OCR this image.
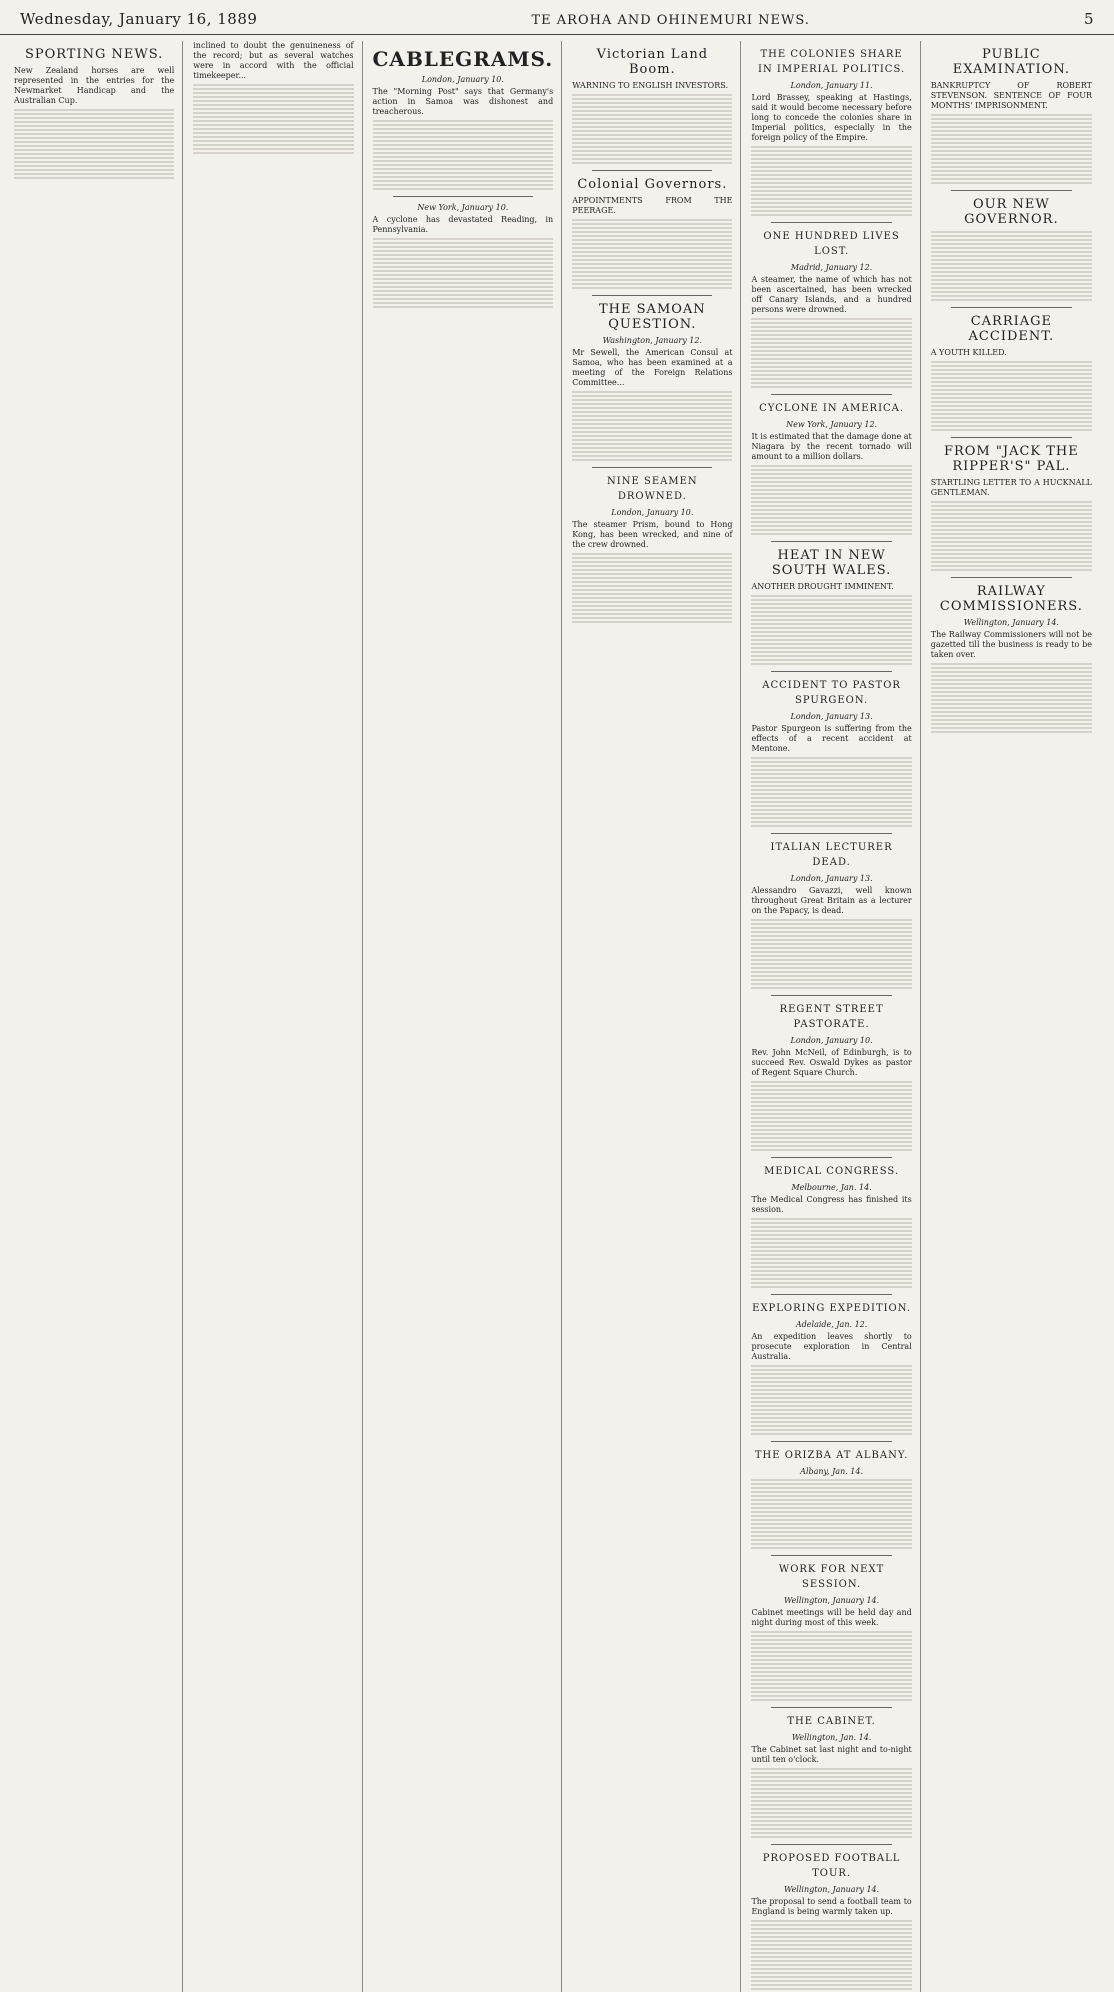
Wednesday, January 16, 1889	TE AROHA AND OHINEMURI NEWS.	5
SPORTING NEWS.

New Zealand horses are well represented in the entries for the Newmarket Handicap and the Australian Cup.

inclined to doubt the genuineness of the record; but as several watches were in accord with the official timekeeper...

CABLEGRAMS.
London, January 10.

The "Morning Post" says that Germany's action in Samoa was dishonest and treacherous.

New York, January 10.

A cyclone has devastated Reading, in Pennsylvania.

Victorian Land Boom.

WARNING TO ENGLISH INVESTORS.

Colonial Governors.

APPOINTMENTS FROM THE PEERAGE.

THE SAMOAN QUESTION.
Washington, January 12.

Mr Sewell, the American Consul at Samoa, who has been examined at a meeting of the Foreign Relations Committee...

NINE SEAMEN DROWNED.
London, January 10.

The steamer Prism, bound to Hong Kong, has been wrecked, and nine of the crew drowned.

THE COLONIES SHARE IN IMPERIAL POLITICS.
London, January 11.

Lord Brassey, speaking at Hastings, said it would become necessary before long to concede the colonies share in Imperial politics, especially in the foreign policy of the Empire.

ONE HUNDRED LIVES LOST.
Madrid, January 12.

A steamer, the name of which has not been ascertained, has been wrecked off Canary Islands, and a hundred persons were drowned.

CYCLONE IN AMERICA.
New York, January 12.

It is estimated that the damage done at Niagara by the recent tornado will amount to a million dollars.

HEAT IN NEW SOUTH WALES.

ANOTHER DROUGHT IMMINENT.

ACCIDENT TO PASTOR SPURGEON.
London, January 13.

Pastor Spurgeon is suffering from the effects of a recent accident at Mentone.

ITALIAN LECTURER DEAD.
London, January 13.

Alessandro Gavazzi, well known throughout Great Britain as a lecturer on the Papacy, is dead.

REGENT STREET PASTORATE.
London, January 10.

Rev. John McNeil, of Edinburgh, is to succeed Rev. Oswald Dykes as pastor of Regent Square Church.

MEDICAL CONGRESS.
Melbourne, Jan. 14.

The Medical Congress has finished its session.

EXPLORING EXPEDITION.
Adelaide, Jan. 12.

An expedition leaves shortly to prosecute exploration in Central Australia.

THE ORIZBA AT ALBANY.
Albany, Jan. 14.
WORK FOR NEXT SESSION.
Wellington, January 14.

Cabinet meetings will be held day and night during most of this week.

THE CABINET.
Wellington, Jan. 14.

The Cabinet sat last night and to-night until ten o'clock.

PROPOSED FOOTBALL TOUR.
Wellington, January 14.

The proposal to send a football team to England is being warmly taken up.

PUBLIC EXAMINATION.

BANKRUPTCY OF ROBERT STEVENSON. SENTENCE OF FOUR MONTHS' IMPRISONMENT.

OUR NEW GOVERNOR.
CARRIAGE ACCIDENT.

A YOUTH KILLED.

FROM "JACK THE RIPPER'S" PAL.

STARTLING LETTER TO A HUCKNALL GENTLEMAN.

RAILWAY COMMISSIONERS.
Wellington, January 14.

The Railway Commissioners will not be gazetted till the business is ready to be taken over.
